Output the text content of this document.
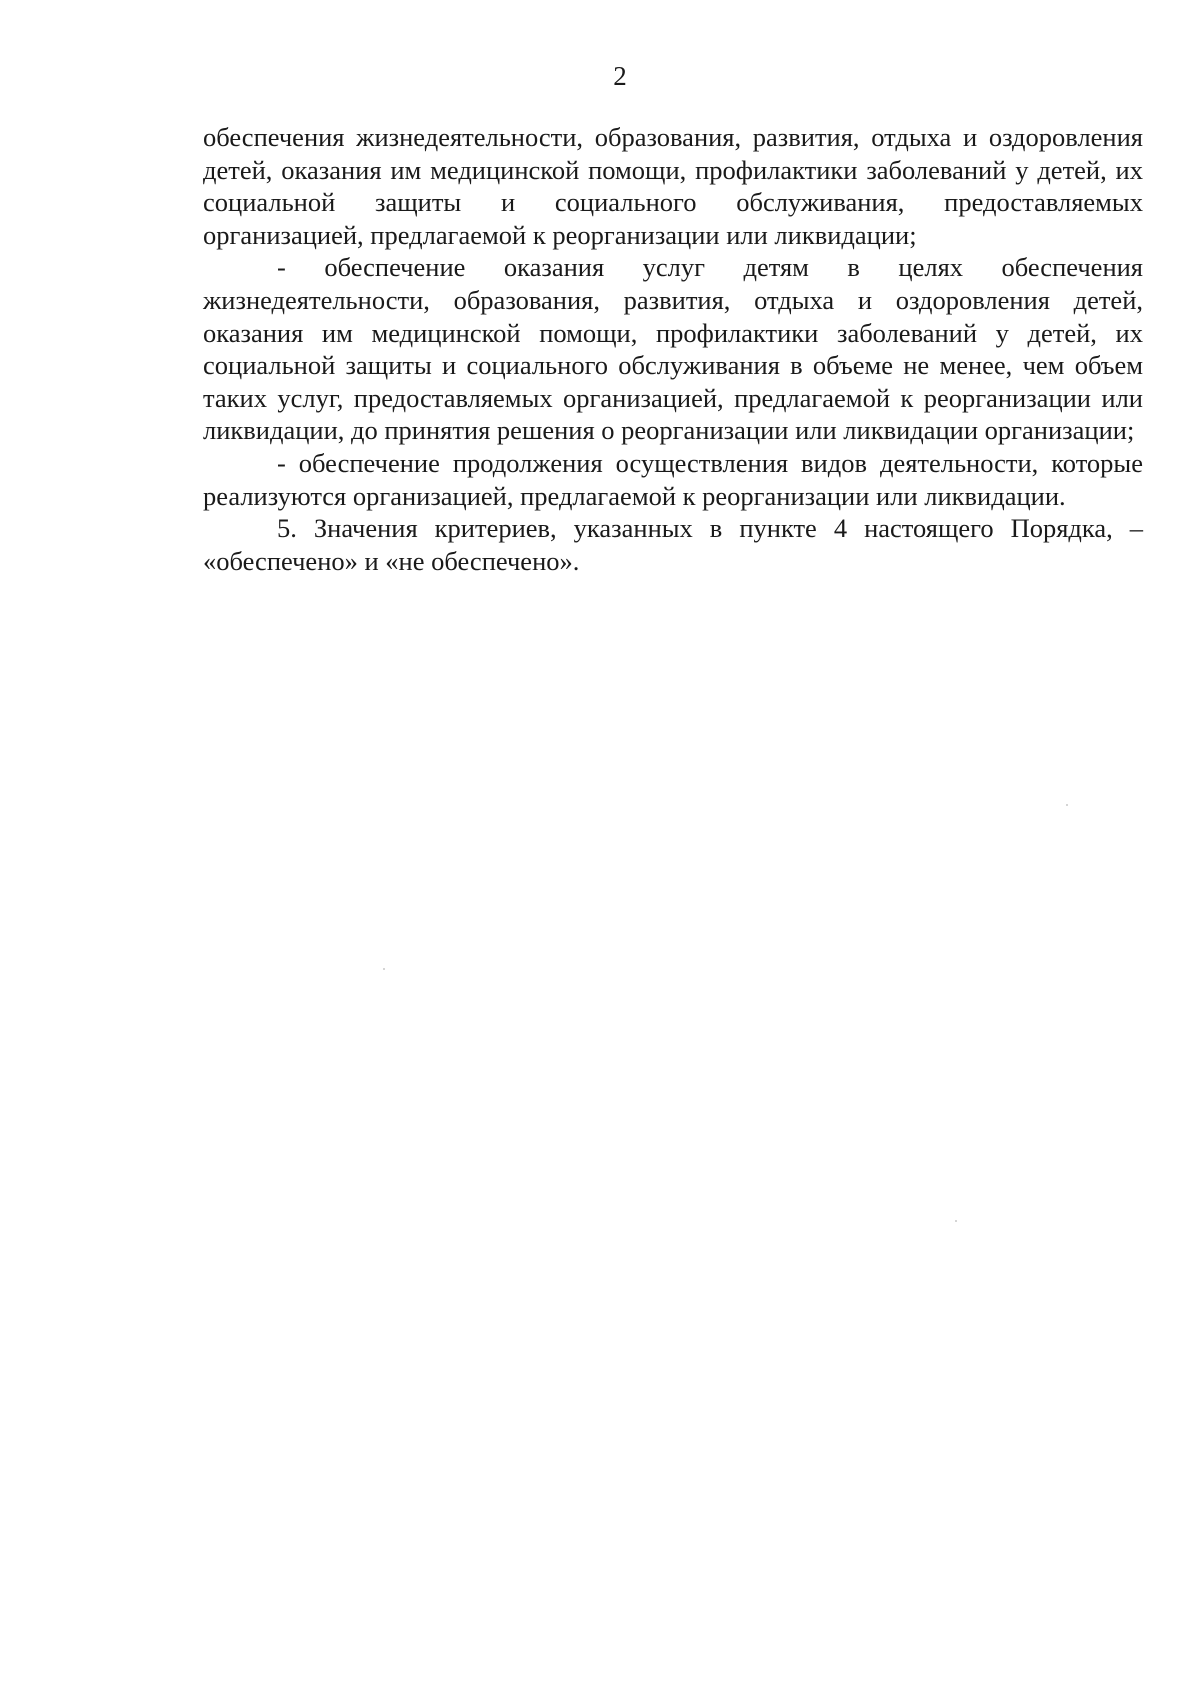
2

обеспечения жизнедеятельности, образования, развития, отдыха и оздоровления детей, оказания им медицинской помощи, профилактики заболеваний у детей, их социальной защиты и социального обслуживания, предоставляемых организацией, предлагаемой к реорганизации или ликвидации;

- обеспечение оказания услуг детям в целях обеспечения жизнедеятельности, образования, развития, отдыха и оздоровления детей, оказания им медицинской помощи, профилактики заболеваний у детей, их социальной защиты и социального обслуживания в объеме не менее, чем объем таких услуг, предоставляемых организацией, предлагаемой к реорганизации или ликвидации, до принятия решения о реорганизации или ликвидации организации;

- обеспечение продолжения осуществления видов деятельности, которые реализуются организацией, предлагаемой к реорганизации или ликвидации.

5. Значения критериев, указанных в пункте 4 настоящего Порядка, – «обеспечено» и «не обеспечено».
